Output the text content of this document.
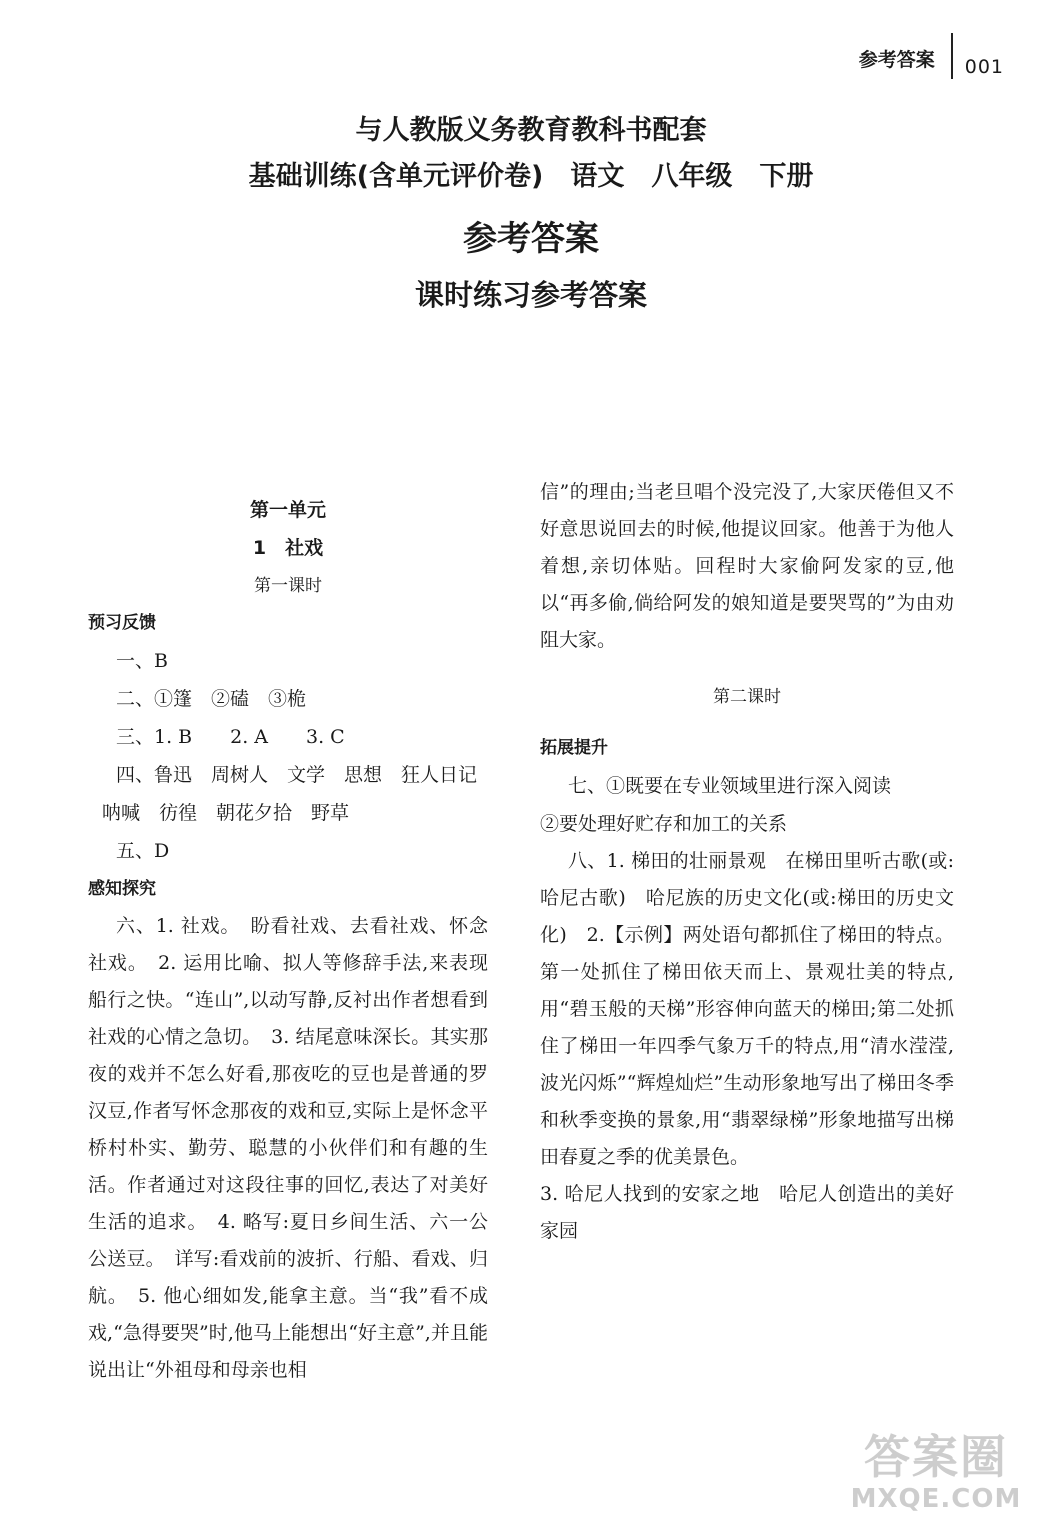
参考答案	001
与人教版义务教育教科书配套
基础训练(含单元评价卷)　语文　八年级　下册
参考答案
课时练习参考答案
第一单元
1　社戏
第一课时
预习反馈
一、B
二、①篷　②磕　③桅
三、1. B　　2. A　　3. C
四、鲁迅　周树人　文学　思想　狂人日记
呐喊　彷徨　朝花夕拾　野草
五、D
感知探究
六、1. 社戏。　盼看社戏、去看社戏、怀念社戏。　2. 运用比喻、拟人等修辞手法,来表现船行之快。“连山”,以动写静,反衬出作者想看到社戏的心情之急切。　3. 结尾意味深长。其实那夜的戏并不怎么好看,那夜吃的豆也是普通的罗汉豆,作者写怀念那夜的戏和豆,实际上是怀念平桥村朴实、勤劳、聪慧的小伙伴们和有趣的生活。作者通过对这段往事的回忆,表达了对美好生活的追求。　4. 略写:夏日乡间生活、六一公公送豆。　详写:看戏前的波折、行船、看戏、归航。　5. 他心细如发,能拿主意。当“我”看不成戏,“急得要哭”时,他马上能想出“好主意”,并且能说出让“外祖母和母亲也相
信”的理由;当老旦唱个没完没了,大家厌倦但又不好意思说回去的时候,他提议回家。他善于为他人着想,亲切体贴。回程时大家偷阿发家的豆,他以“再多偷,倘给阿发的娘知道是要哭骂的”为由劝阻大家。
第二课时
拓展提升
七、①既要在专业领域里进行深入阅读
②要处理好贮存和加工的关系
八、1. 梯田的壮丽景观　在梯田里听古歌(或:哈尼古歌)　哈尼族的历史文化(或:梯田的历史文化)　2.【示例】两处语句都抓住了梯田的特点。第一处抓住了梯田依天而上、景观壮美的特点,用“碧玉般的天梯”形容伸向蓝天的梯田;第二处抓住了梯田一年四季气象万千的特点,用“清水滢滢,波光闪烁”“辉煌灿烂”生动形象地写出了梯田冬季和秋季变换的景象,用“翡翠绿梯”形象地描写出梯田春夏之季的优美景色。
3. 哈尼人找到的安家之地　哈尼人创造出的美好家园
答案圈
MXQE.COM
